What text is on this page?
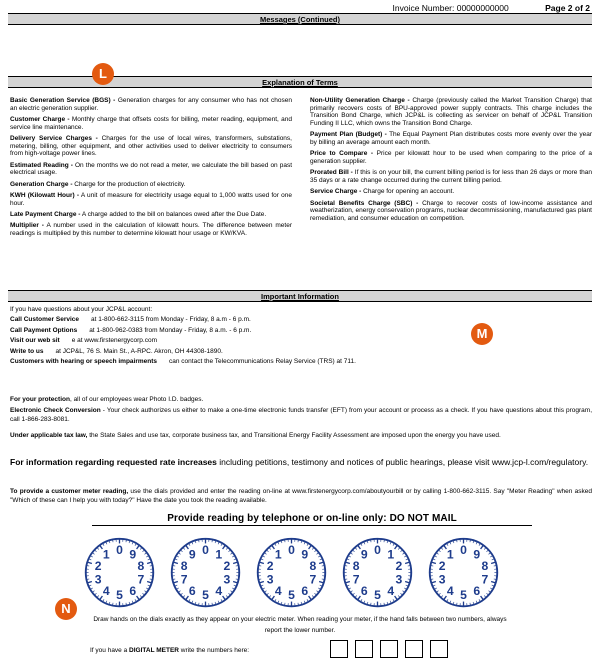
Invoice Number: 00000000000	Page 2 of 2
Messages (Continued)
Explanation of Terms
L

Basic Generation Service (BGS) - Generation charges for any consumer who has not chosen an electric generation supplier.

Customer Charge - Monthly charge that offsets costs for billing, meter reading, equipment, and service line maintenance.

Delivery Service Charges - Charges for the use of local wires, transformers, substations, metering, billing, other equipment, and other activities used to deliver electricity to consumers from high-voltage power lines.

Estimated Reading - On the months we do not read a meter, we calculate the bill based on past electrical usage.

Generation Charge - Charge for the production of electricity.

KWH (Kilowatt Hour) - A unit of measure for electricity usage equal to 1,000 watts used for one hour.

Late Payment Charge - A charge added to the bill on balances owed after the Due Date.

Multiplier - A number used in the calculation of kilowatt hours. The difference between meter readings is multiplied by this number to determine kilowatt hour usage or KW/KVA.

Non-Utility Generation Charge - Charge (previously called the Market Transition Charge) that primarily recovers costs of BPU-approved power supply contracts. This charge includes the Transition Bond Charge, which JCP&L is collecting as servicer on behalf of JCP&L Transition Funding II LLC, which owns the Transition Bond Charge.

Payment Plan (Budget) - The Equal Payment Plan distributes costs more evenly over the year by billing an average amount each month.

Price to Compare - Price per kilowatt hour to be used when comparing to the price of a generation supplier.

Prorated Bill - If this is on your bill, the current billing period is for less than 26 days or more than 35 days or a rate change occurred during the current billing period.

Service Charge - Charge for opening an account.

Societal Benefits Charge (SBC) - Charge to recover costs of low-income assistance and weatherization, energy conservation programs, nuclear decommissioning, manufactured gas plant remediation, and consumer education on competition.

Important Information
If you have questions about your JCP&L account:
Call Customer Service at 1-800-662-3115 from Monday - Friday, 8 a.m - 6 p.m.
Call Payment Options at 1-800-962-0383 from Monday - Friday, 8 a.m. - 6 p.m.
Visit our web sit e at www.firstenergycorp.com
Write to us at JCP&L, 76 S. Main St., A-RPC. Akron, OH 44308-1890.
Customers with hearing or speech impairments can contact the Telecommunications Relay Service (TRS) at 711.
M
For your protection, all of our employees wear Photo I.D. badges.
Electronic Check Conversion - Your check authorizes us either to make a one-time electronic funds transfer (EFT) from your account or process as a check. If you have questions about this program, call 1-866-283-8081.
Under applicable tax law, the State Sales and use tax, corporate business tax, and Transitional Energy Facility Assessment are imposed upon the energy you have used.
For information regarding requested rate increases including petitions, testimony and notices of public hearings, please visit www.jcp-l.com/regulatory.
To provide a customer meter reading, use the dials provided and enter the reading on-line at www.firstenergycorp.com/aboutyourbill or by calling 1-800-662-3115. Say "Meter Reading" when asked "Which of these can I help you with today?" Have the date you took the reading available.
Provide reading by telephone or on-line only: DO NOT MAIL
0 9
8
7
6
5
4
3
2
1	0 1
2
3
4
5
6
7
8
9	0 9
8
7
6
5
4
3
2
1	0 1
2
3
4
5
6
7
8
9	0 9
8
7
6
5
4
3
2
1
N
Draw hands on the dials exactly as they appear on your electric meter. When reading your meter, if the hand falls between two numbers, always report the lower number.
If you have a DIGITAL METER write the numbers here:
